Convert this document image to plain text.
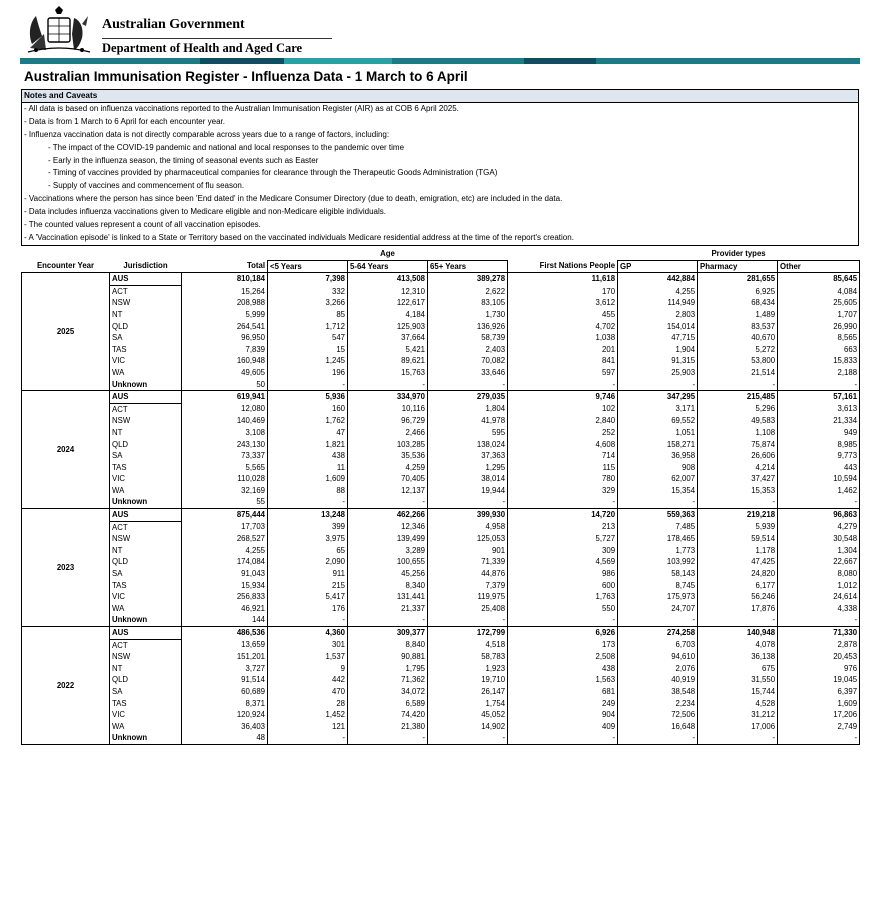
Australian Government
Department of Health and Aged Care
Australian Immunisation Register - Influenza Data - 1 March to 6 April
Notes and Caveats
- All data is based on influenza vaccinations reported to the Australian Immunisation Register (AIR) as at COB 6 April 2025.
- Data is from 1 March to 6 April for each encounter year.
- Influenza vaccination data is not directly comparable across years due to a range of factors, including:
- The impact of the COVID-19 pandemic and national and local responses to the pandemic over time
- Early in the influenza season, the timing of seasonal events such as Easter
- Timing of vaccines provided by pharmaceutical companies for clearance through the Therapeutic Goods Administration (TGA)
- Supply of vaccines and commencement of flu season.
- Vaccinations where the person has since been 'End dated' in the Medicare Consumer Directory (due to death, emigration, etc) are included in the data.
- Data includes influenza vaccinations given to Medicare eligible and non-Medicare eligible individuals.
- The counted values represent a count of all vaccination episodes.
- A 'Vaccination episode' is linked to a State or Territory based on the vaccinated individuals Medicare residential address at the time of the report's creation.
			Age				Provider types		
Encounter Year	Jurisdiction	Total	<5 Years	5-64 Years	65+ Years	First Nations People	GP	Pharmacy	Other
2025	AUS	810,184	7,398	413,508	389,278	11,618	442,884	281,655	85,645
	ACT	15,264	332	12,310	2,622	170	4,255	6,925	4,084
	NSW	208,988	3,266	122,617	83,105	3,612	114,949	68,434	25,605
	NT	5,999	85	4,184	1,730	455	2,803	1,489	1,707
	QLD	264,541	1,712	125,903	136,926	4,702	154,014	83,537	26,990
	SA	96,950	547	37,664	58,739	1,038	47,715	40,670	8,565
	TAS	7,839	15	5,421	2,403	201	1,904	5,272	663
	VIC	160,948	1,245	89,621	70,082	841	91,315	53,800	15,833
	WA	49,605	196	15,763	33,646	597	25,903	21,514	2,188
	Unknown	50	-	-	-	-	-	-	-
2024	AUS	619,941	5,936	334,970	279,035	9,746	347,295	215,485	57,161
	ACT	12,080	160	10,116	1,804	102	3,171	5,296	3,613
	NSW	140,469	1,762	96,729	41,978	2,840	69,552	49,583	21,334
	NT	3,108	47	2,466	595	252	1,051	1,108	949
	QLD	243,130	1,821	103,285	138,024	4,608	158,271	75,874	8,985
	SA	73,337	438	35,536	37,363	714	36,958	26,606	9,773
	TAS	5,565	11	4,259	1,295	115	908	4,214	443
	VIC	110,028	1,609	70,405	38,014	780	62,007	37,427	10,594
	WA	32,169	88	12,137	19,944	329	15,354	15,353	1,462
	Unknown	55	-	-	-	-	-	-	-
2023	AUS	875,444	13,248	462,266	399,930	14,720	559,363	219,218	96,863
	ACT	17,703	399	12,346	4,958	213	7,485	5,939	4,279
	NSW	268,527	3,975	139,499	125,053	5,727	178,465	59,514	30,548
	NT	4,255	65	3,289	901	309	1,773	1,178	1,304
	QLD	174,084	2,090	100,655	71,339	4,569	103,992	47,425	22,667
	SA	91,043	911	45,256	44,876	986	58,143	24,820	8,080
	TAS	15,934	215	8,340	7,379	600	8,745	6,177	1,012
	VIC	256,833	5,417	131,441	119,975	1,763	175,973	56,246	24,614
	WA	46,921	176	21,337	25,408	550	24,707	17,876	4,338
	Unknown	144	-	-	-	-	-	-	-
2022	AUS	486,536	4,360	309,377	172,799	6,926	274,258	140,948	71,330
	ACT	13,659	301	8,840	4,518	173	6,703	4,078	2,878
	NSW	151,201	1,537	90,881	58,783	2,508	94,610	36,138	20,453
	NT	3,727	9	1,795	1,923	438	2,076	675	976
	QLD	91,514	442	71,362	19,710	1,563	40,919	31,550	19,045
	SA	60,689	470	34,072	26,147	681	38,548	15,744	6,397
	TAS	8,371	28	6,589	1,754	249	2,234	4,528	1,609
	VIC	120,924	1,452	74,420	45,052	904	72,506	31,212	17,206
	WA	36,403	121	21,380	14,902	409	16,648	17,006	2,749
	Unknown	48	-	-	-	-	-	-	-
